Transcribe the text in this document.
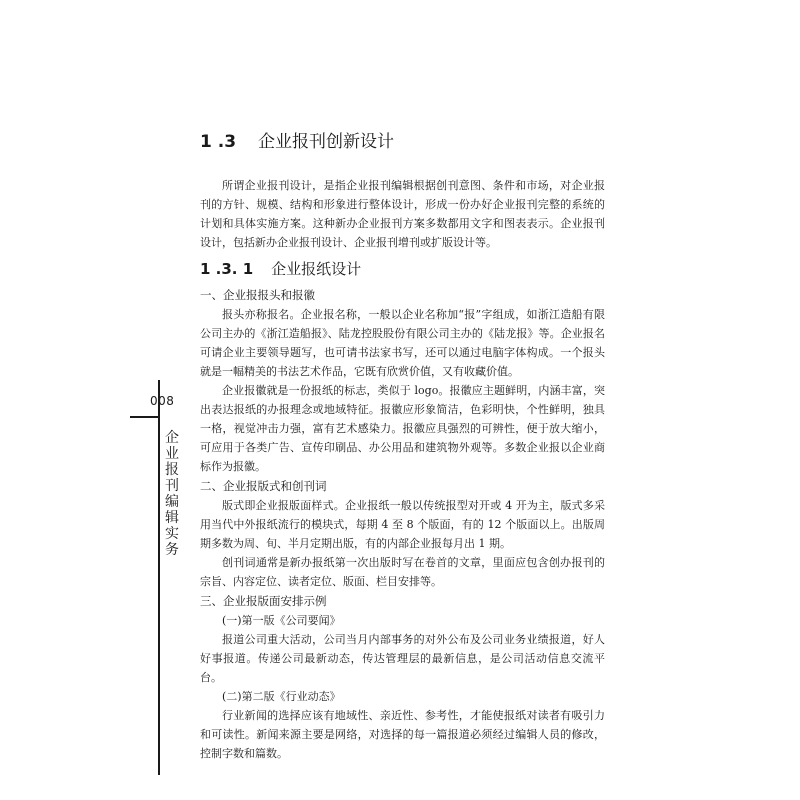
008
企业报刊编辑实务
1 .3 企业报刊创新设计

所谓企业报刊设计，是指企业报刊编辑根据创刊意图、条件和市场，对企业报刊的方针、规模、结构和形象进行整体设计，形成一份办好企业报刊完整的系统的计划和具体实施方案。这种新办企业报刊方案多数都用文字和图表表示。企业报刊设计，包括新办企业报刊设计、企业报刊增刊或扩版设计等。

1 .3. 1 企业报纸设计
一、企业报报头和报徽

报头亦称报名。企业报名称，一般以企业名称加“报”字组成，如浙江造船有限公司主办的《浙江造船报》、陆龙控股股份有限公司主办的《陆龙报》等。企业报名可请企业主要领导题写，也可请书法家书写，还可以通过电脑字体构成。一个报头就是一幅精美的书法艺术作品，它既有欣赏价值，又有收藏价值。

企业报徽就是一份报纸的标志，类似于 logo。报徽应主题鲜明，内涵丰富，突出表达报纸的办报理念或地域特征。报徽应形象简洁，色彩明快，个性鲜明，独具一格，视觉冲击力强，富有艺术感染力。报徽应具强烈的可辨性，便于放大缩小，可应用于各类广告、宣传印刷品、办公用品和建筑物外观等。多数企业报以企业商标作为报徽。

二、企业报版式和创刊词

版式即企业报版面样式。企业报纸一般以传统报型对开或 4 开为主，版式多采用当代中外报纸流行的模块式，每期 4 至 8 个版面，有的 12 个版面以上。出版周期多数为周、旬、半月定期出版，有的内部企业报每月出 1 期。

创刊词通常是新办报纸第一次出版时写在卷首的文章，里面应包含创办报刊的宗旨、内容定位、读者定位、版面、栏目安排等。

三、企业报版面安排示例

(一)第一版《公司要闻》

报道公司重大活动，公司当月内部事务的对外公布及公司业务业绩报道，好人好事报道。传递公司最新动态，传达管理层的最新信息，是公司活动信息交流平台。

(二)第二版《行业动态》

行业新闻的选择应该有地域性、亲近性、参考性，才能使报纸对读者有吸引力和可读性。新闻来源主要是网络，对选择的每一篇报道必须经过编辑人员的修改，控制字数和篇数。
